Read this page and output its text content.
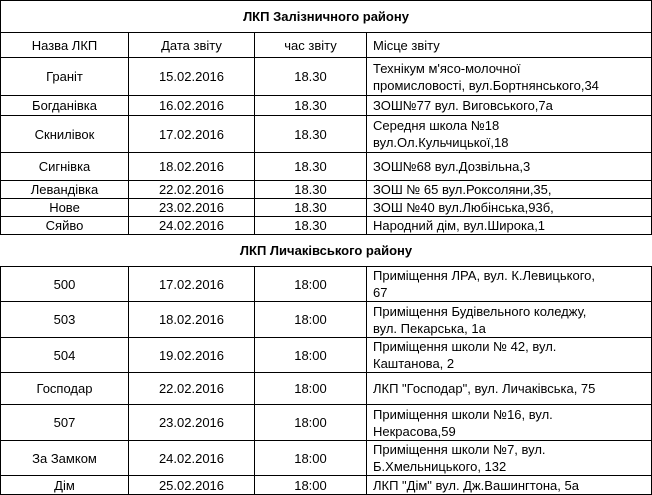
ЛКП Залізничного району			
Назва ЛКП	Дата звіту	час звіту	Місце звіту
Граніт	15.02.2016	18.30	Технікум м'ясо-молочної
промисловості, вул.Бортнянського,34

Богданівка	16.02.2016	18.30	ЗОШ№77 вул. Виговського,7а
Скнилівок	17.02.2016	18.30	Середня школа №18
вул.Ол.Кульчицької,18

Сигнівка	18.02.2016	18.30	ЗОШ№68 вул.Дозвільна,3
Левандівка	22.02.2016	18.30	ЗОШ № 65 вул.Роксоляни,35,
Нове	23.02.2016	18.30	ЗОШ №40 вул.Любінська,93б,
Сяйво	24.02.2016	18.30	Народний дім, вул.Широка,1
ЛКП Личаківського району			
500	17.02.2016	18:00	Приміщення ЛРА, вул. К.Левицького,
67

503	18.02.2016	18:00	Приміщення Будівельного коледжу,
вул. Пекарська, 1а

504	19.02.2016	18:00	Приміщення школи № 42, вул.
Каштанова, 2

Господар	22.02.2016	18:00	ЛКП "Господар", вул. Личаківська, 75
507	23.02.2016	18:00	Приміщення школи №16, вул.
Некрасова,59

За Замком	24.02.2016	18:00	Приміщення школи №7, вул.
Б.Хмельницького, 132

Дім	25.02.2016	18:00	ЛКП "Дім" вул. Дж.Вашингтона, 5а
